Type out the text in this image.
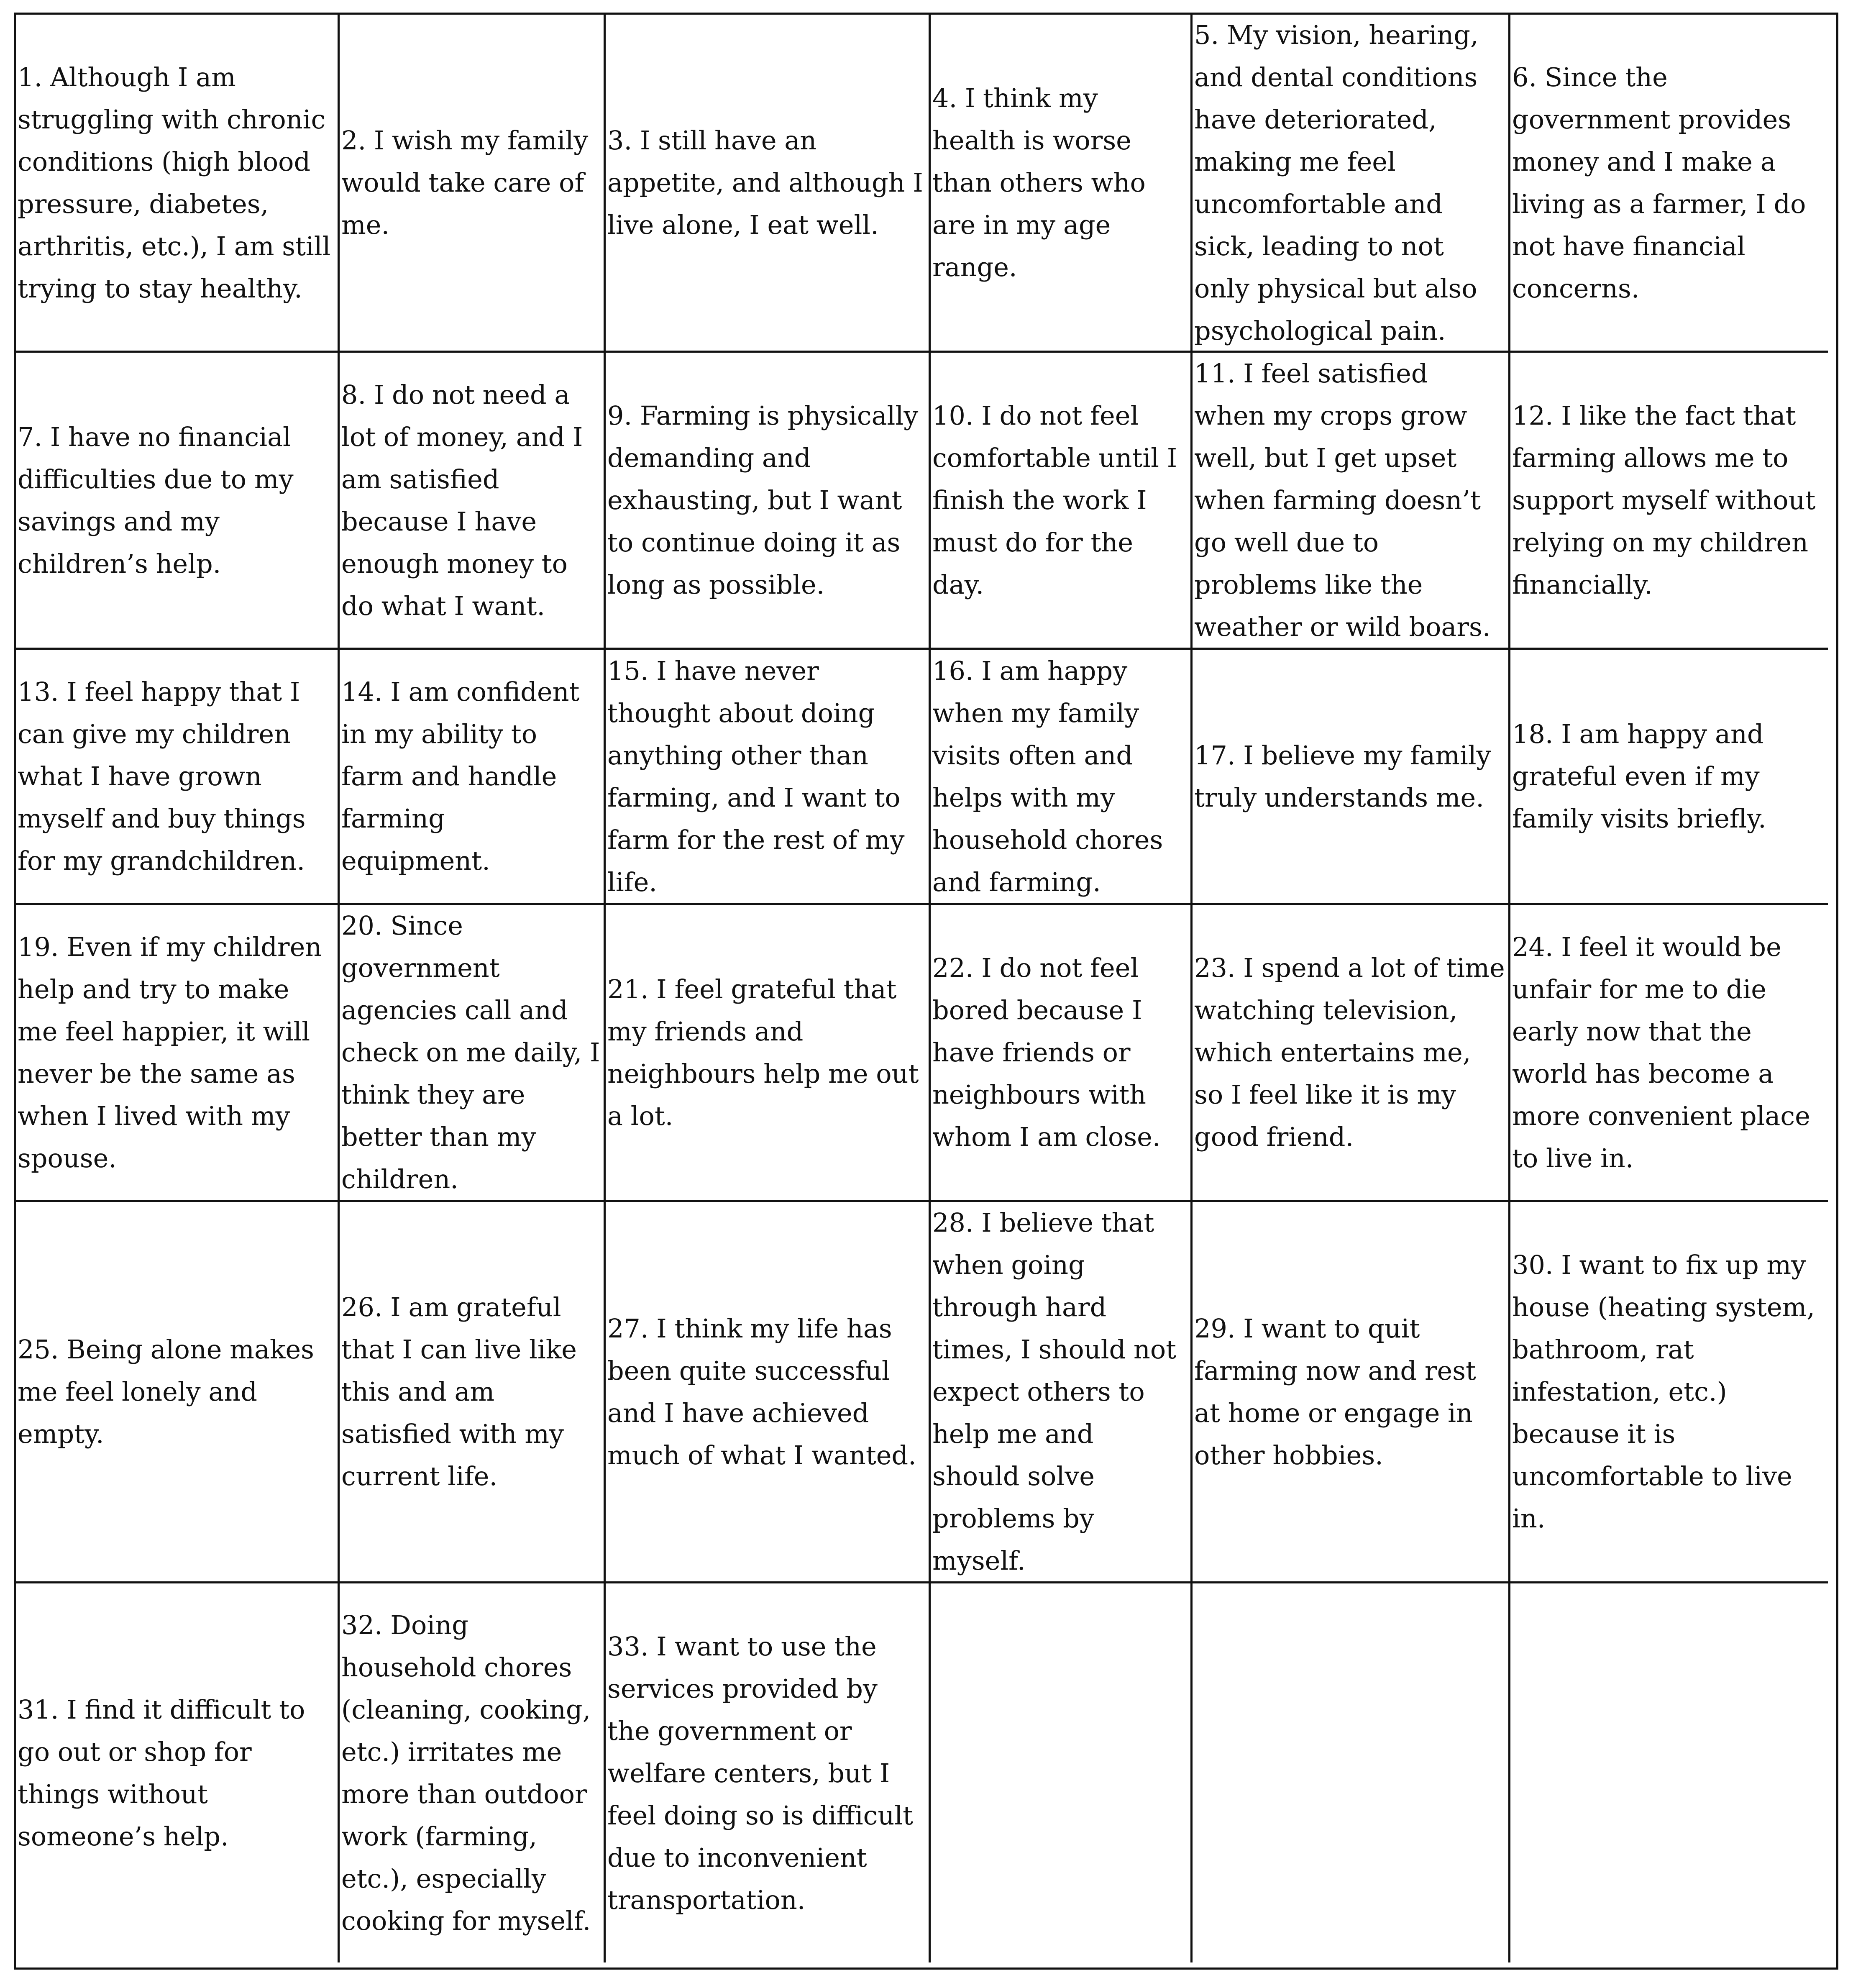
1. Although I am struggling with chronic conditions (high blood pressure, diabetes, arthritis, etc.), I am still trying to stay healthy.
2. I wish my family would take care of me.
3. I still have an appetite, and although I live alone, I eat well.
4. I think my health is worse than others who are in my age range.
5. My vision, hearing, and dental conditions have deteriorated, making me feel uncomfortable and sick, leading to not only physical but also psychological pain.
6. Since the government provides money and I make a living as a farmer, I do not have financial concerns.
7. I have no financial difficulties due to my savings and my children’s help.
8. I do not need a lot of money, and I am satisfied because I have enough money to do what I want.
9. Farming is physically demanding and exhausting, but I want to continue doing it as long as possible.
10. I do not feel comfortable until I finish the work I must do for the day.
11. I feel satisfied when my crops grow well, but I get upset when farming doesn’t go well due to problems like the weather or wild boars.
12. I like the fact that farming allows me to support myself without relying on my children financially.
13. I feel happy that I can give my children what I have grown myself and buy things for my grandchildren.
14. I am confident in my ability to farm and handle farming equipment.
15. I have never thought about doing anything other than farming, and I want to farm for the rest of my life.
16. I am happy when my family visits often and helps with my household chores and farming.
17. I believe my family truly understands me.
18. I am happy and grateful even if my family visits briefly.
19. Even if my children help and try to make me feel happier, it will never be the same as when I lived with my spouse.
20. Since government agencies call and check on me daily, I think they are better than my children.
21. I feel grateful that my friends and neighbours help me out a lot.
22. I do not feel bored because I have friends or neighbours with whom I am close.
23. I spend a lot of time watching television, which entertains me, so I feel like it is my good friend.
24. I feel it would be unfair for me to die early now that the world has become a more convenient place to live in.
25. Being alone makes me feel lonely and empty.
26. I am grateful that I can live like this and am satisfied with my current life.
27. I think my life has been quite successful and I have achieved much of what I wanted.
28. I believe that when going through hard times, I should not expect others to help me and should solve problems by myself.
29. I want to quit farming now and rest at home or engage in other hobbies.
30. I want to fix up my house (heating system, bathroom, rat infestation, etc.) because it is uncomfortable to live in.
31. I find it difficult to go out or shop for things without someone’s help.
32. Doing household chores (cleaning, cooking, etc.) irritates me more than outdoor work (farming, etc.), especially cooking for myself.
33. I want to use the services provided by the government or welfare centers, but I feel doing so is difficult due to inconvenient transportation.
